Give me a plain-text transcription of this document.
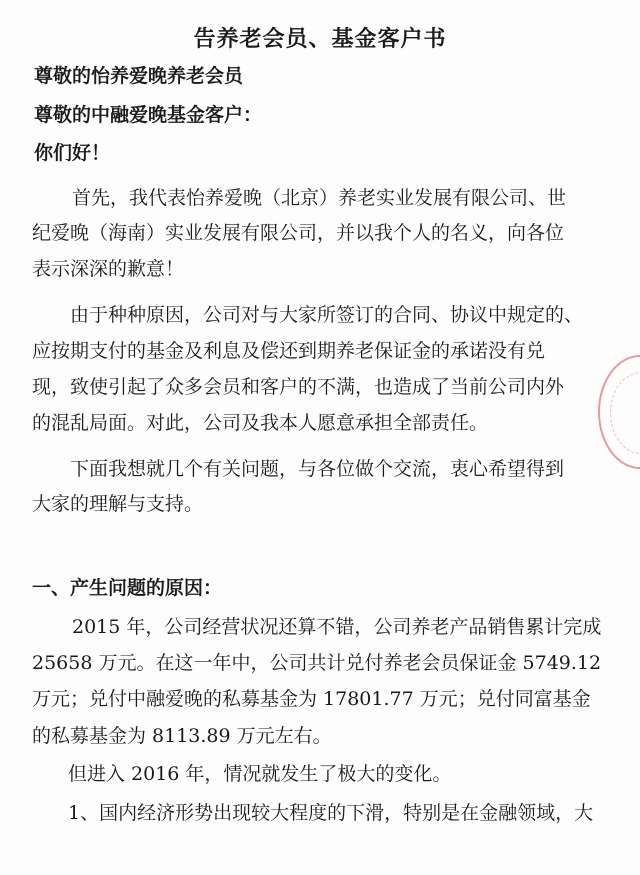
告养老会员、基金客户书
尊敬的怡养爱晚养老会员
尊敬的中融爱晚基金客户：
你们好！
首先，我代表怡养爱晚（北京）养老实业发展有限公司、世
纪爱晚（海南）实业发展有限公司，并以我个人的名义，向各位
表示深深的歉意！
由于种种原因，公司对与大家所签订的合同、协议中规定的、
应按期支付的基金及利息及偿还到期养老保证金的承诺没有兑
现，致使引起了众多会员和客户的不满，也造成了当前公司内外
的混乱局面。对此，公司及我本人愿意承担全部责任。
下面我想就几个有关问题，与各位做个交流，衷心希望得到
大家的理解与支持。
一、产生问题的原因：
2015 年，公司经营状况还算不错，公司养老产品销售累计完成
25658 万元。在这一年中，公司共计兑付养老会员保证金 5749.12
万元；兑付中融爱晚的私募基金为 17801.77 万元；兑付同富基金
的私募基金为 8113.89 万元左右。
但进入 2016 年，情况就发生了极大的变化。
1、国内经济形势出现较大程度的下滑，特别是在金融领域，大
